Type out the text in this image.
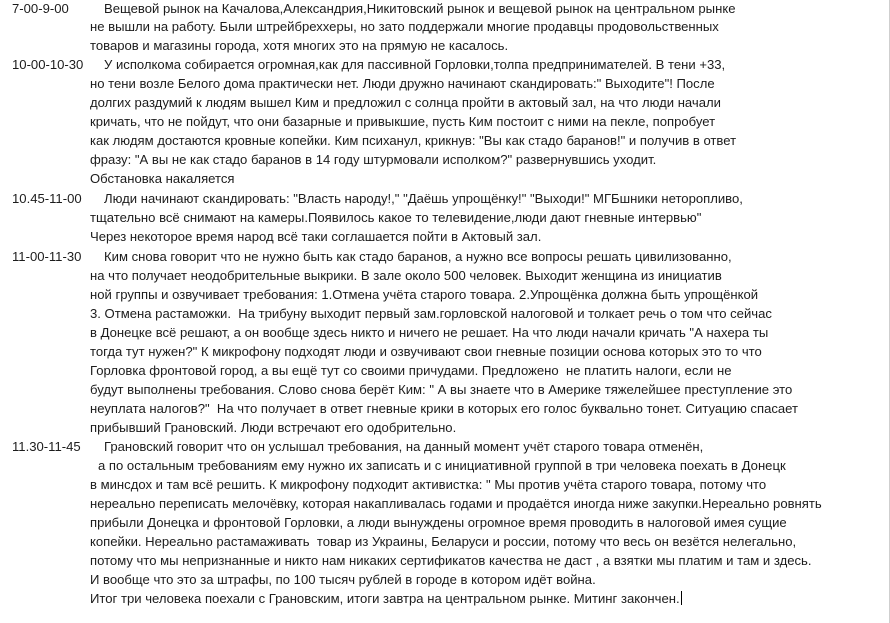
7-00-9-00	Вещевой рынок на Качалова,Александрия,Никитовский рынок и вещевой рынок на центральном рынке
не вышли на работу. Были штрейбреххеры, но зато поддержали многие продавцы продовольственных
товаров и магазины города, хотя многих это на прямую не касалось.
10-00-10-30 У исполкома собирается огромная,как для пассивной Горловки,толпа предпринимателей. В тени +33,
но тени возле Белого дома практически нет. Люди дружно начинают скандировать:" Выходите"! После
долгих раздумий к людям вышел Ким и предложил с солнца пройти в актовый зал, на что люди начали
кричать, что не пойдут, что они базарные и привыкшие, пусть Ким постоит с ними на пекле, попробует
как людям достаются кровные копейки. Ким психанул, крикнув: "Вы как стадо баранов!" и получив в ответ
фразу: "А вы не как стадо баранов в 14 году штурмовали исполком?" развернувшись уходит.
Обстановка накаляется
10.45-11-00 Люди начинают скандировать: "Власть народу!," "Даёшь упрощёнку!" "Выходи!" МГБшники неторопливо,
тщательно всё снимают на камеры.Появилось какое то телевидение,люди дают гневные интервью"
Через некоторое время народ всё таки соглашается пойти в Актовый зал.
11-00-11-30 Ким снова говорит что не нужно быть как стадо баранов, а нужно все вопросы решать цивилизованно,
на что получает неодобрительные выкрики. В зале около 500 человек. Выходит женщина из инициатив
ной группы и озвучивает требования: 1.Отмена учёта старого товара. 2.Упрощёнка должна быть упрощёнкой
3. Отмена растаможки.  На трибуну выходит первый зам.горловской налоговой и толкает речь о том что сейчас
в Донецке всё решают, а он вообще здесь никто и ничего не решает. На что люди начали кричать "А нахера ты
тогда тут нужен?" К микрофону подходят люди и озвучивают свои гневные позиции основа которых это то что
Горловка фронтовой город, а вы ещё тут со своими причудами. Предложено  не платить налоги, если не
будут выполнены требования. Слово снова берёт Ким: " А вы знаете что в Америке тяжелейшее преступление это
неуплата налогов?"  На что получает в ответ гневные крики в которых его голос буквально тонет. Ситуацию спасает
прибывший Грановский. Люди встречают его одобрительно.
11.30-11-45 Грановский говорит что он услышал требования, на данный момент учёт старого товара отменён,
а по остальным требованиям ему нужно их записать и с инициативной группой в три человека поехать в Донецк
в минсдох и там всё решить. К микрофону подходит активистка: " Мы против учёта старого товара, потому что
нереально переписать мелочёвку, которая накапливалась годами и продаётся иногда ниже закупки.Нереально ровнять
прибыли Донецка и фронтовой Горловки, а люди вынуждены огромное время проводить в налоговой имея сущие
копейки. Нереально растамаживать  товар из Украины, Беларуси и россии, потому что весь он везётся нелегально,
потому что мы непризнанные и никто нам никаких сертификатов качества не даст , а взятки мы платим и там и здесь.
И вообще что это за штрафы, по 100 тысяч рублей в городе в котором идёт война.
Итог три человека поехали с Грановским, итоги завтра на центральном рынке. Митинг закончен.
